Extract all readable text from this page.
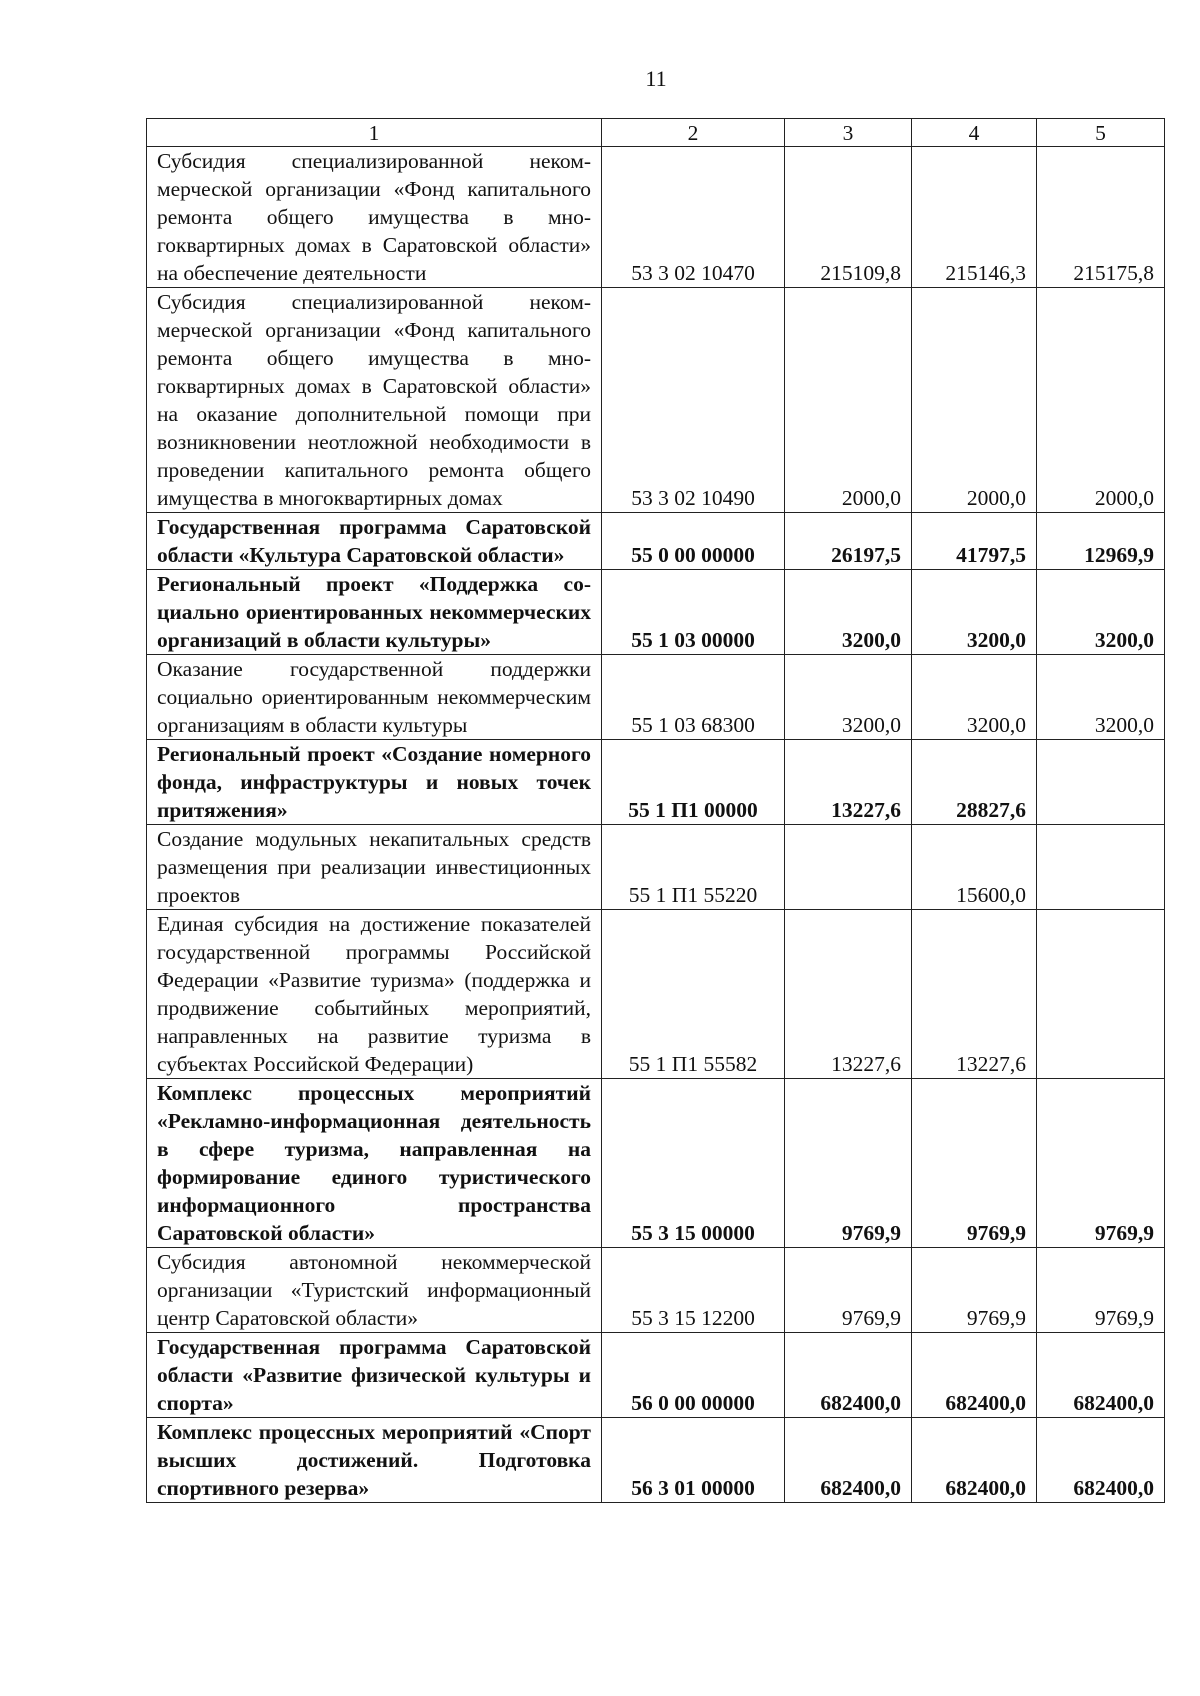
11
1	2	3	4	5
Субсидия специализированной некоммерческой организации «Фонд капитального ремонта общего имущества в многоквартирных домах в Саратовской области» на обеспечение деятельности	53 3 02 10470	215109,8	215146,3	215175,8
Субсидия специализированной некоммерческой организации «Фонд капитального ремонта общего имущества в многоквартирных домах в Саратовской области» на оказание дополнительной помощи при возникновении неотложной необходимости в проведении капитального ремонта общего имущества в многоквартирных домах	53 3 02 10490	2000,0	2000,0	2000,0
Государственная программа Саратовской области «Культура Саратовской области»	55 0 00 00000	26197,5	41797,5	12969,9
Региональный проект «Поддержка социально ориентированных некоммерческих организаций в области культуры»	55 1 03 00000	3200,0	3200,0	3200,0
Оказание государственной поддержки социально ориентированным некоммерческим организациям в области культуры	55 1 03 68300	3200,0	3200,0	3200,0
Региональный проект «Создание номерного фонда, инфраструктуры и новых точек притяжения»	55 1 П1 00000	13227,6	28827,6	
Создание модульных некапитальных средств размещения при реализации инвестиционных проектов	55 1 П1 55220		15600,0	
Единая субсидия на достижение показателей государственной программы Российской Федерации «Развитие туризма» (поддержка и продвижение событийных мероприятий, направленных на развитие туризма в субъектах Российской Федерации)	55 1 П1 55582	13227,6	13227,6	
Комплекс процессных мероприятий «Рекламно-информационная деятельность в сфере туризма, направленная на формирование единого туристического информационного пространства Саратовской области»	55 3 15 00000	9769,9	9769,9	9769,9
Субсидия автономной некоммерческой организации «Туристский информационный центр Саратовской области»	55 3 15 12200	9769,9	9769,9	9769,9
Государственная программа Саратовской области «Развитие физической культуры и спорта»	56 0 00 00000	682400,0	682400,0	682400,0
Комплекс процессных мероприятий «Спорт высших достижений. Подготовка спортивного резерва»	56 3 01 00000	682400,0	682400,0	682400,0
